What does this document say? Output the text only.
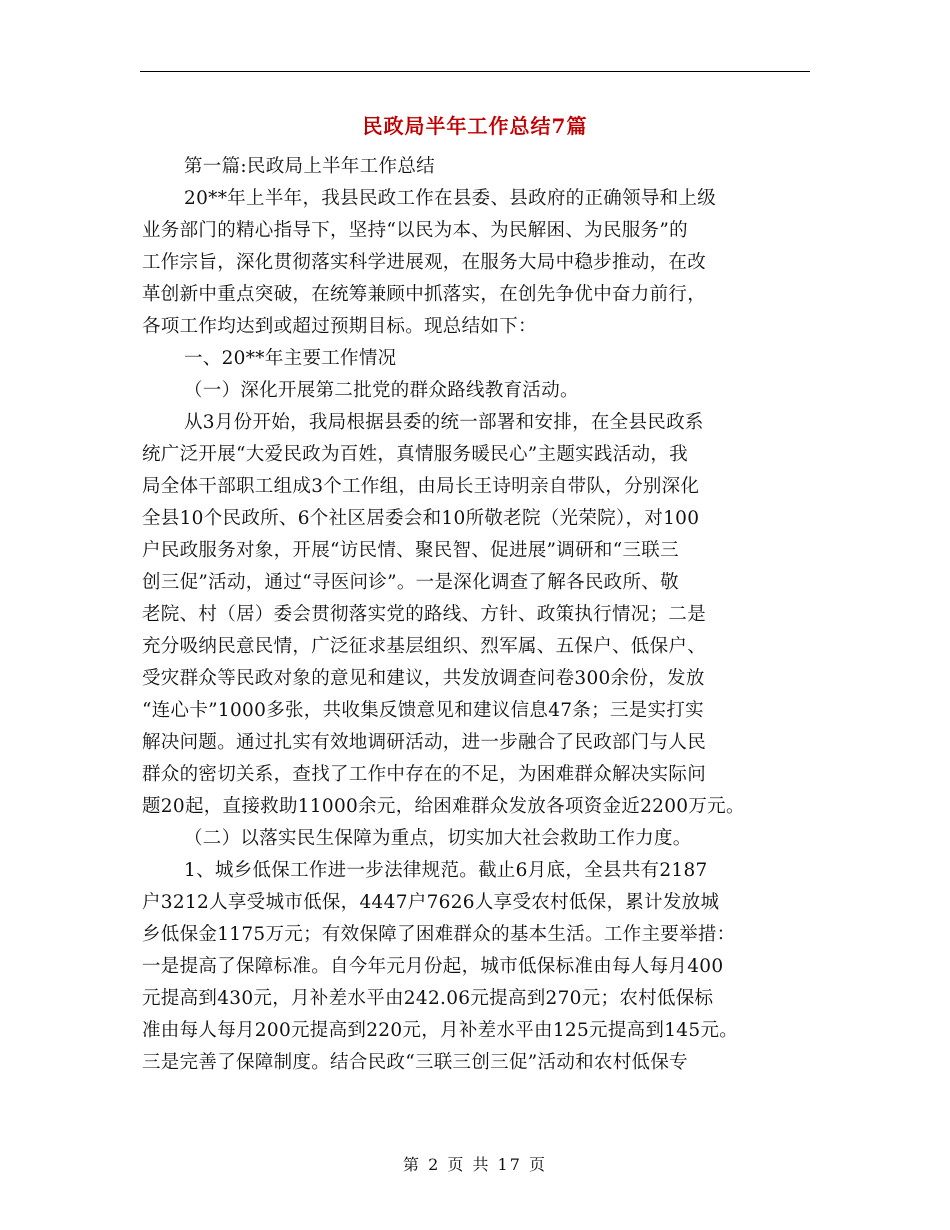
民政局半年工作总结7篇
第一篇:民政局上半年工作总结
20**年上半年，我县民政工作在县委、县政府的正确领导和上级
业务部门的精心指导下，坚持“以民为本、为民解困、为民服务”的
工作宗旨，深化贯彻落实科学进展观，在服务大局中稳步推动，在改
革创新中重点突破，在统筹兼顾中抓落实，在创先争优中奋力前行，
各项工作均达到或超过预期目标。现总结如下：
一、20**年主要工作情况
（一）深化开展第二批党的群众路线教育活动。
从3月份开始，我局根据县委的统一部署和安排，在全县民政系
统广泛开展“大爱民政为百姓，真情服务暖民心”主题实践活动，我
局全体干部职工组成3个工作组，由局长王诗明亲自带队，分别深化
全县10个民政所、6个社区居委会和10所敬老院（光荣院），对100
户民政服务对象，开展“访民情、聚民智、促进展”调研和“三联三
创三促”活动，通过“寻医问诊”。一是深化调查了解各民政所、敬
老院、村（居）委会贯彻落实党的路线、方针、政策执行情况；二是
充分吸纳民意民情，广泛征求基层组织、烈军属、五保户、低保户、
受灾群众等民政对象的意见和建议，共发放调查问卷300余份，发放
“连心卡”1000多张，共收集反馈意见和建议信息47条；三是实打实
解决问题。通过扎实有效地调研活动，进一步融合了民政部门与人民
群众的密切关系，查找了工作中存在的不足，为困难群众解决实际问
题20起，直接救助11000余元，给困难群众发放各项资金近2200万元。
（二）以落实民生保障为重点，切实加大社会救助工作力度。
1、城乡低保工作进一步法律规范。截止6月底，全县共有2187
户3212人享受城市低保，4447户7626人享受农村低保，累计发放城
乡低保金1175万元；有效保障了困难群众的基本生活。工作主要举措：
一是提高了保障标准。自今年元月份起，城市低保标准由每人每月400
元提高到430元，月补差水平由242.06元提高到270元；农村低保标
准由每人每月200元提高到220元，月补差水平由125元提高到145元。
三是完善了保障制度。结合民政“三联三创三促”活动和农村低保专
第 2 页 共 17 页
